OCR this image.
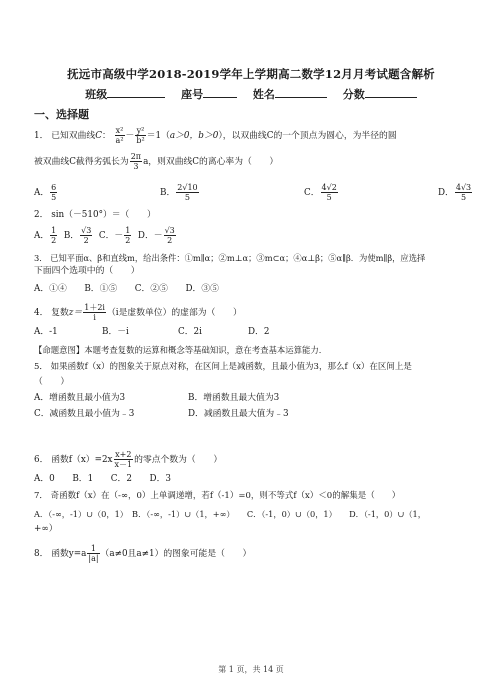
抚远市高级中学2018-2019学年上学期高二数学12月月考试题含解析
班级	座号	姓名	分数
一、选择题
1． 已知双曲线C： $\frac{\text{x²}}{\text{a²}} - \frac{\text{y²}}{\text{b²}} =1(a>0$，b＞0），以双曲线C的一个顶点为圆心，为半径的圆
被双曲线C截得劣弧长为 $\frac{2\pi}{3}$ a，则双曲线C的离心率为（　　）
A． $\frac{6}{5}$	B． $\frac{2√10}{5}$	C． $\frac{4√2}{5}$	D． $\frac{4√3}{5}$
2． sin（－510°）＝（　　）
A． $\frac{1}{2}$ B． $\frac{√3}{2}$ C．－ $\frac{1}{2}$ D．－ $\frac{√3}{2}$
3． 已知平面α、β和直线m，给出条件：①m∥α；②m⊥α；③m⊂α；④α⊥β；⑤α∥β．为使m∥β，应选择
下面四个选项中的（　　）
A．①④　　B．①⑤　　C．②⑤　　D．③⑤
4． 复数$z= \frac{1+2i}{i} (i$是虚数单位）的虚部为（　　）
A．-1	B．－i	C．2i	D．2
【命题意图】本题考查复数的运算和概念等基础知识，意在考查基本运算能力．
5． 如果函数f（x）的图象关于原点对称，在区间上是减函数，且最小值为3，那么f（x）在区间上是
（　　）
A．增函数且最小值为3	B．增函数且最大值为3
C．减函数且最小值为﹣3	D．减函数且最大值为﹣3
6． 函数$f(x)=2x \frac{x+2}{x-1}$ 的零点个数为（　　）
A．0　　B．1　　C．2　　D．3
7． 奇函数f（x）在（-∞，0）上单调递增，若f（-1）=0，则不等式f（x）＜0的解集是（　　）
A．（-∞，-1）∪（0，1）　B．（-∞，-1）∪（1，+∞）　　C．（-1，0）∪（0，1）　　D．（-1，0）∪（1，
+∞）
8． 函数$y=a \frac{1}{|a|} (a\ne 0$且a≠1）的图象可能是（　　）
第 1 页，共 14 页
